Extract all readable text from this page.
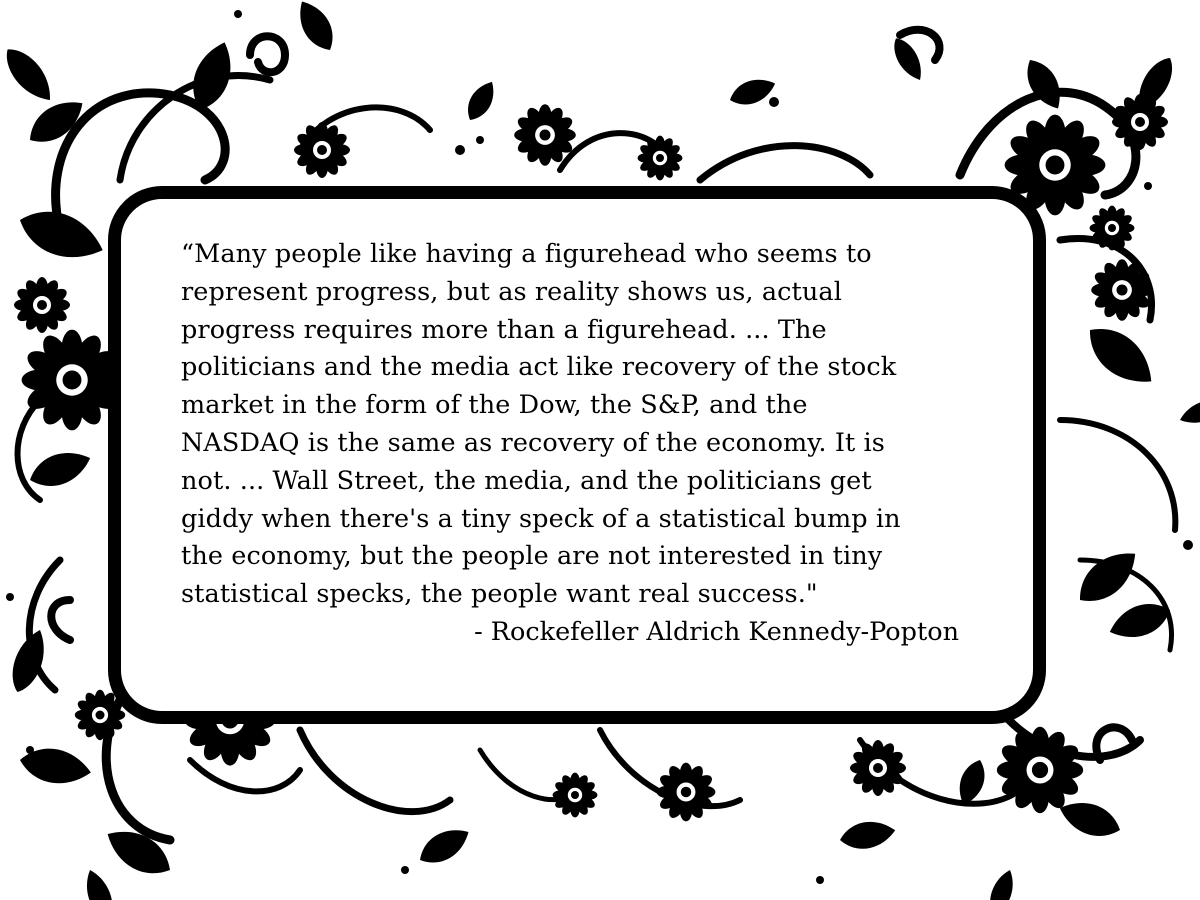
“Many people like having a figurehead who seems to
represent progress, but as reality shows us, actual
progress requires more than a figurehead. ... The
politicians and the media act like recovery of the stock
market in the form of the Dow, the S&P, and the
NASDAQ is the same as recovery of the economy. It is
not. ... Wall Street, the media, and the politicians get
giddy when there's a tiny speck of a statistical bump in
the economy, but the people are not interested in tiny
statistical specks, the people want real success."

- Rockefeller Aldrich Kennedy-Popton
